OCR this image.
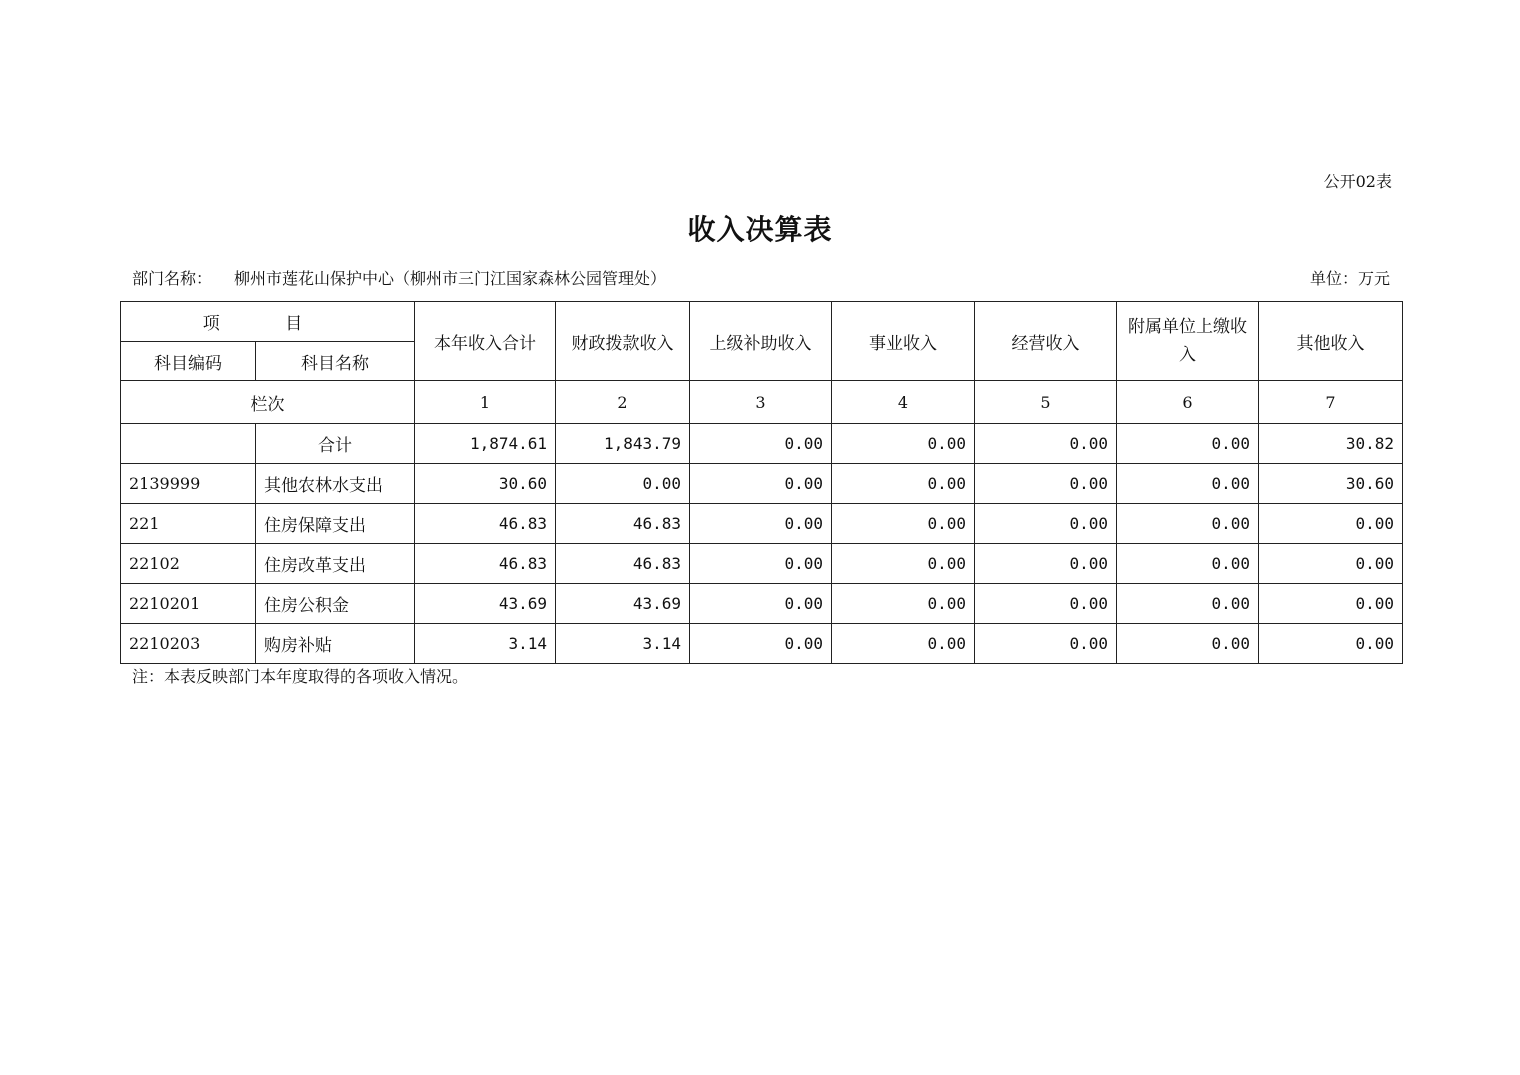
公开02表
收入决算表
部门名称： 柳州市莲花山保护中心（柳州市三门江国家森林公园管理处）	单位：万元
项 目		本年收入合计	财政拨款收入	上级补助收入	事业收入	经营收入	附属单位上缴收入	其他收入
科目编码	科目名称							
栏次		1	2	3	4	5	6	7
	合计	1,874.61	1,843.79	0.00	0.00	0.00	0.00	30.82
2139999	其他农林水支出	30.60	0.00	0.00	0.00	0.00	0.00	30.60
221	住房保障支出	46.83	46.83	0.00	0.00	0.00	0.00	0.00
22102	住房改革支出	46.83	46.83	0.00	0.00	0.00	0.00	0.00
2210201	住房公积金	43.69	43.69	0.00	0.00	0.00	0.00	0.00
2210203	购房补贴	3.14	3.14	0.00	0.00	0.00	0.00	0.00
注：本表反映部门本年度取得的各项收入情况。
